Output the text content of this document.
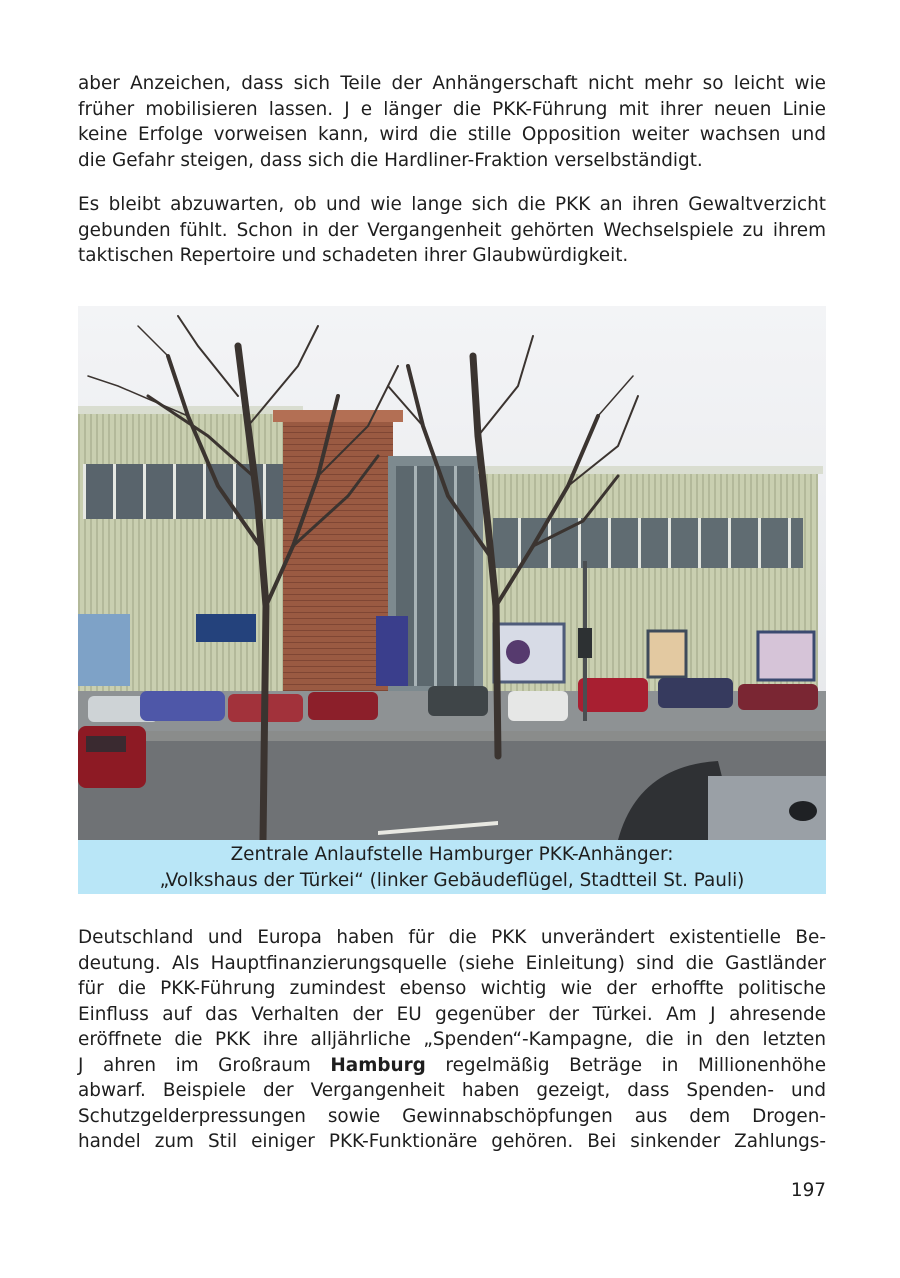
aber Anzeichen, dass sich Teile der Anhängerschaft nicht mehr so leicht wie
früher mobilisieren lassen. J e länger die PKK-Führung mit ihrer neuen Linie
keine Erfolge vorweisen kann, wird die stille Opposition weiter wachsen und
die Gefahr steigen, dass sich die Hardliner-Fraktion verselbständigt.

Es bleibt abzuwarten, ob und wie lange sich die PKK an ihren Gewaltverzicht
gebunden fühlt. Schon in der Vergangenheit gehörten Wechselspiele zu ihrem
taktischen Repertoire und schadeten ihrer Glaubwürdigkeit.

Zentrale Anlaufstelle Hamburger PKK-Anhänger:
„Volkshaus der Türkei“ (linker Gebäudeflügel, Stadtteil St. Pauli)

Deutschland und Europa haben für die PKK unverändert existentielle Be-
deutung. Als Hauptfinanzierungsquelle (siehe Einleitung) sind die Gastländer
für die PKK-Führung zumindest ebenso wichtig wie der erhoffte politische
Einfluss auf das Verhalten der EU gegenüber der Türkei. Am J ahresende
eröffnete die PKK ihre alljährliche „Spenden“-Kampagne, die in den letzten
J ahren im Großraum Hamburg regelmäßig Beträge in Millionenhöhe
abwarf. Beispiele der Vergangenheit haben gezeigt, dass Spenden- und
Schutzgelderpressungen sowie Gewinnabschöpfungen aus dem Drogen-
handel zum Stil einiger PKK-Funktionäre gehören. Bei sinkender Zahlungs-

197
